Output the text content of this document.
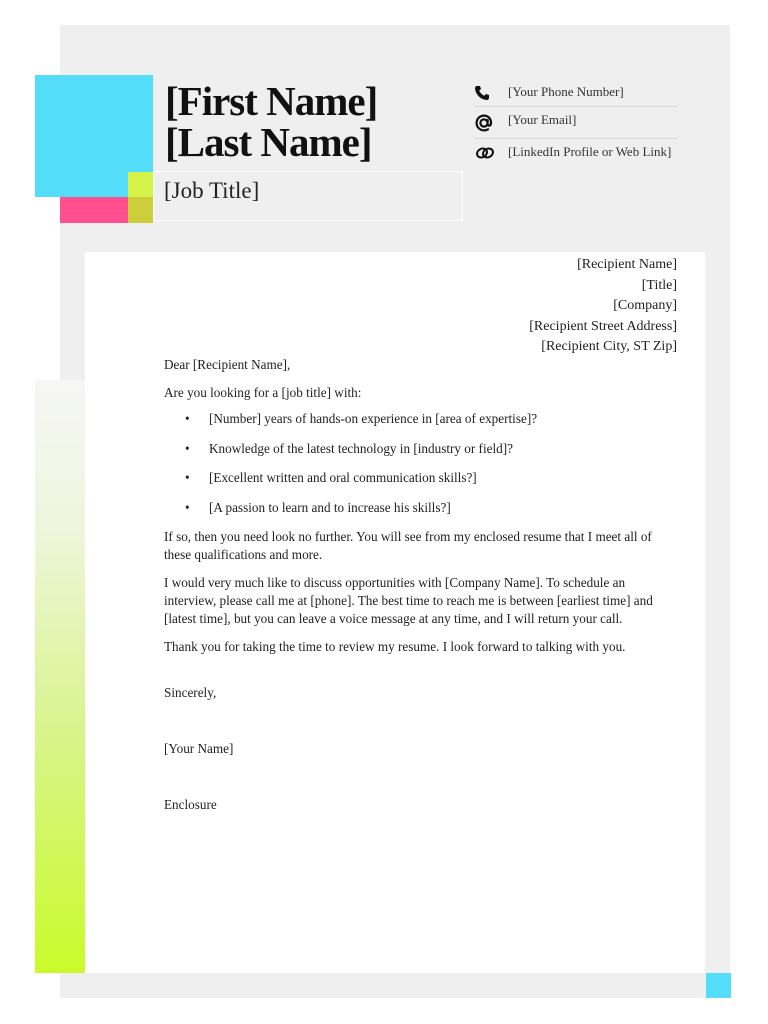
[First Name]
[Last Name]
[Job Title]
[Your Phone Number]
[Your Email]
[LinkedIn Profile or Web Link]
[Recipient Name]
[Title]
[Company]
[Recipient Street Address]
[Recipient City, ST Zip]

Dear [Recipient Name],

Are you looking for a [job title] with:

• [Number] years of hands-on experience in [area of expertise]?
• Knowledge of the latest technology in [industry or field]?
• [Excellent written and oral communication skills?]
• [A passion to learn and to increase his skills?]

If so, then you need look no further. You will see from my enclosed resume that I meet all of these qualifications and more.

I would very much like to discuss opportunities with [Company Name]. To schedule an interview, please call me at [phone]. The best time to reach me is between [earliest time] and [latest time], but you can leave a voice message at any time, and I will return your call.

Thank you for taking the time to review my resume. I look forward to talking with you.

Sincerely,

[Your Name]

Enclosure
